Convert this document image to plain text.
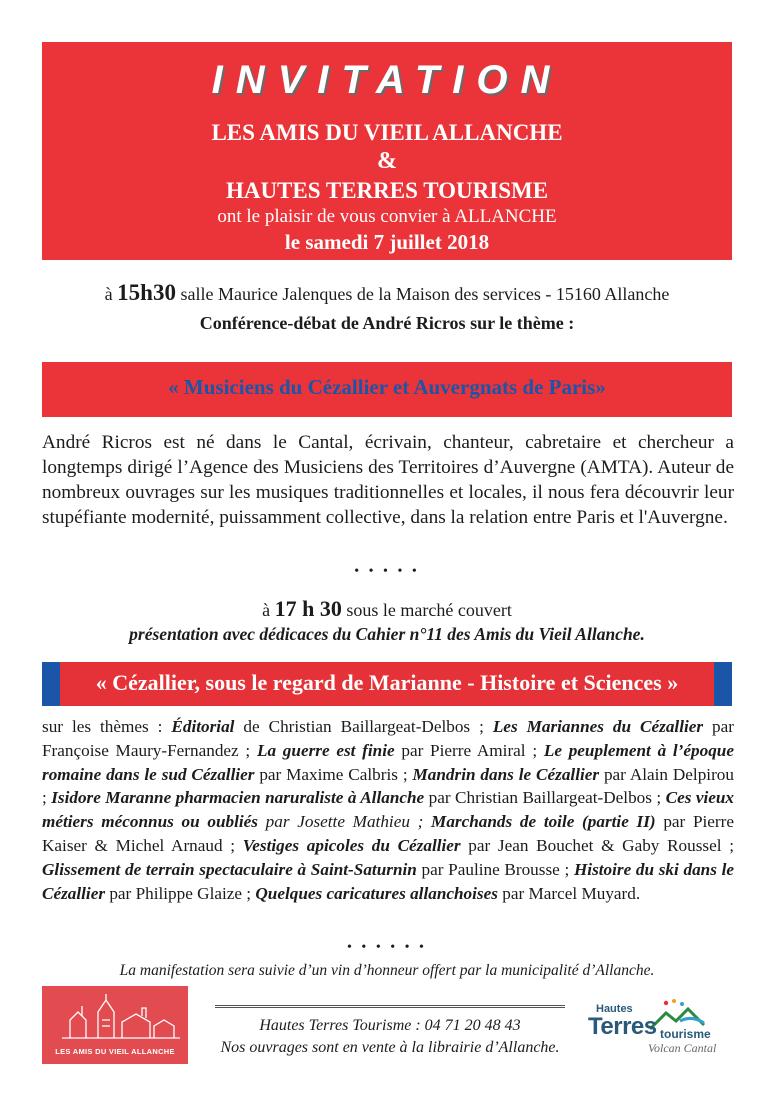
INVITATION
LES AMIS DU VIEIL ALLANCHE
&
HAUTES TERRES TOURISME
ont le plaisir de vous convier à ALLANCHE
le samedi 7 juillet 2018
à 15h30 salle Maurice Jalenques de la Maison des services - 15160 Allanche
Conférence-débat de André Ricros sur le thème :
« Musiciens du Cézallier et Auvergnats de Paris»
André Ricros est né dans le Cantal, écrivain, chanteur, cabretaire et chercheur a longtemps dirigé l’Agence des Musiciens des Territoires d’Auvergne (AMTA). Auteur de nombreux ouvrages sur les musiques traditionnelles et locales, il nous fera découvrir leur stupéfiante modernité, puissamment collective, dans la relation entre Paris et l'Auvergne.
• • • • •
à 17 h 30 sous le marché couvert
présentation avec dédicaces du Cahier n°11 des Amis du Vieil Allanche.
« Cézallier, sous le regard de Marianne - Histoire et Sciences »
sur les thèmes : Éditorial de Christian Baillargeat-Delbos ; Les Mariannes du Cézallier par Françoise Maury-Fernandez ; La guerre est finie par Pierre Amiral ; Le peuplement à l’époque romaine dans le sud Cézallier par Maxime Calbris ; Mandrin dans le Cézallier par Alain Delpirou ; Isidore Maranne pharmacien naruraliste à Allanche par Christian Baillargeat-Delbos ; Ces vieux métiers méconnus ou oubliés par Josette Mathieu ; Marchands de toile (partie II) par Pierre Kaiser & Michel Arnaud ; Vestiges apicoles du Cézallier par Jean Bouchet & Gaby Roussel ; Glissement de terrain spectaculaire à Saint-Saturnin par Pauline Brousse ; Histoire du ski dans le Cézallier par Philippe Glaize ; Quelques caricatures allanchoises par Marcel Muyard.
• • • • • •
La manifestation sera suivie d’un vin d’honneur offert par la municipalité d’Allanche.
LES AMIS DU VIEIL ALLANCHE
Hautes Terres Tourisme : 04 71 20 48 43
Nos ouvrages sont en vente à la librairie d’Allanche.
Hautes
Terres tourisme
Volcan Cantal
